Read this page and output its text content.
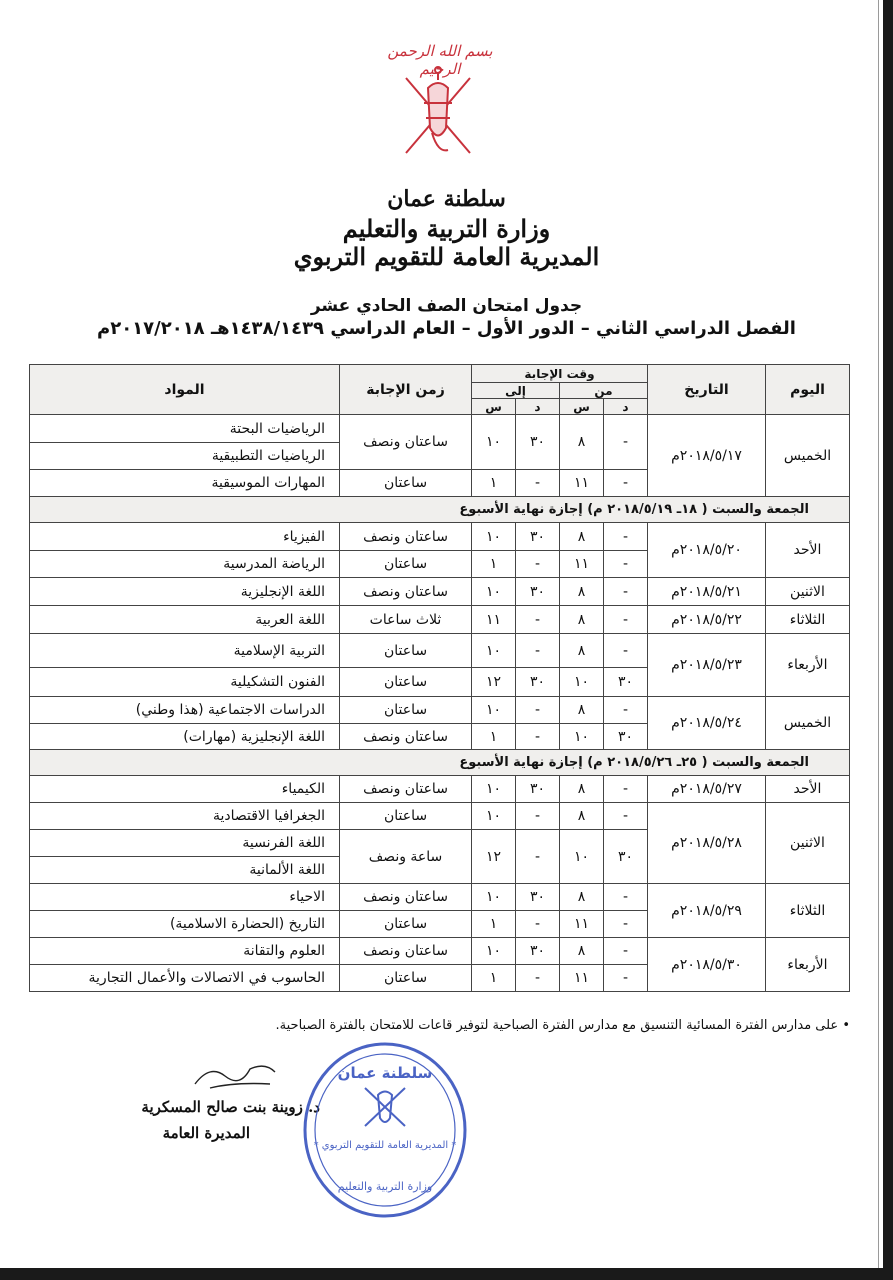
بسم الله الرحمن الرحيم
سلطنة عمان
وزارة التربية والتعليم
المديرية العامة للتقويم التربوي
جدول امتحان الصف الحادي عشر
الفصل الدراسي الثاني – الدور الأول – العام الدراسي ١٤٣٨/١٤٣٩هـ ٢٠١٧/٢٠١٨م
اليوم	التاريخ	وقت الإجابة				زمن الإجابة	المواد
		من		إلى			
		د	س	د	س		
الخميس	٢٠١٨/٥/١٧م	-	٨	٣٠	١٠	ساعتان ونصف	الرياضيات البحتة
							الرياضيات التطبيقية
		-	١١	-	١	ساعتان	المهارات الموسيقية
الجمعة والسبت ( ١٨ـ ٢٠١٨/٥/١٩ م) إجازة نهاية الأسبوع							
الأحد	٢٠١٨/٥/٢٠م	-	٨	٣٠	١٠	ساعتان ونصف	الفيزياء
		-	١١	-	١	ساعتان	الرياضة المدرسية
الاثنين	٢٠١٨/٥/٢١م	-	٨	٣٠	١٠	ساعتان ونصف	اللغة الإنجليزية
الثلاثاء	٢٠١٨/٥/٢٢م	-	٨	-	١١	ثلاث ساعات	اللغة العربية
الأربعاء	٢٠١٨/٥/٢٣م	-	٨	-	١٠	ساعتان	التربية الإسلامية
		٣٠	١٠	٣٠	١٢	ساعتان	الفنون التشكيلية
الخميس	٢٠١٨/٥/٢٤م	-	٨	-	١٠	ساعتان	الدراسات الاجتماعية (هذا وطني)
		٣٠	١٠	-	١	ساعتان ونصف	اللغة الإنجليزية (مهارات)
الجمعة والسبت ( ٢٥ـ ٢٠١٨/٥/٢٦ م) إجازة نهاية الأسبوع							
الأحد	٢٠١٨/٥/٢٧م	-	٨	٣٠	١٠	ساعتان ونصف	الكيمياء
الاثنين	٢٠١٨/٥/٢٨م	-	٨	-	١٠	ساعتان	الجغرافيا الاقتصادية
		٣٠	١٠	-	١٢	ساعة ونصف	اللغة الفرنسية
							اللغة الألمانية
الثلاثاء	٢٠١٨/٥/٢٩م	-	٨	٣٠	١٠	ساعتان ونصف	الاحياء
		-	١١	-	١	ساعتان	التاريخ (الحضارة الاسلامية)
الأربعاء	٢٠١٨/٥/٣٠م	-	٨	٣٠	١٠	ساعتان ونصف	العلوم والتقانة
		-	١١	-	١	ساعتان	الحاسوب في الاتصالات والأعمال التجارية
• على مدارس الفترة المسائية التنسيق مع مدارس الفترة الصباحية لتوفير قاعات للامتحان بالفترة الصباحية.
د. زوينة بنت صالح المسكرية
المديرة العامة
سلطنة عمان
* المديرية العامة للتقويم التربوي *
وزارة التربية والتعليم
